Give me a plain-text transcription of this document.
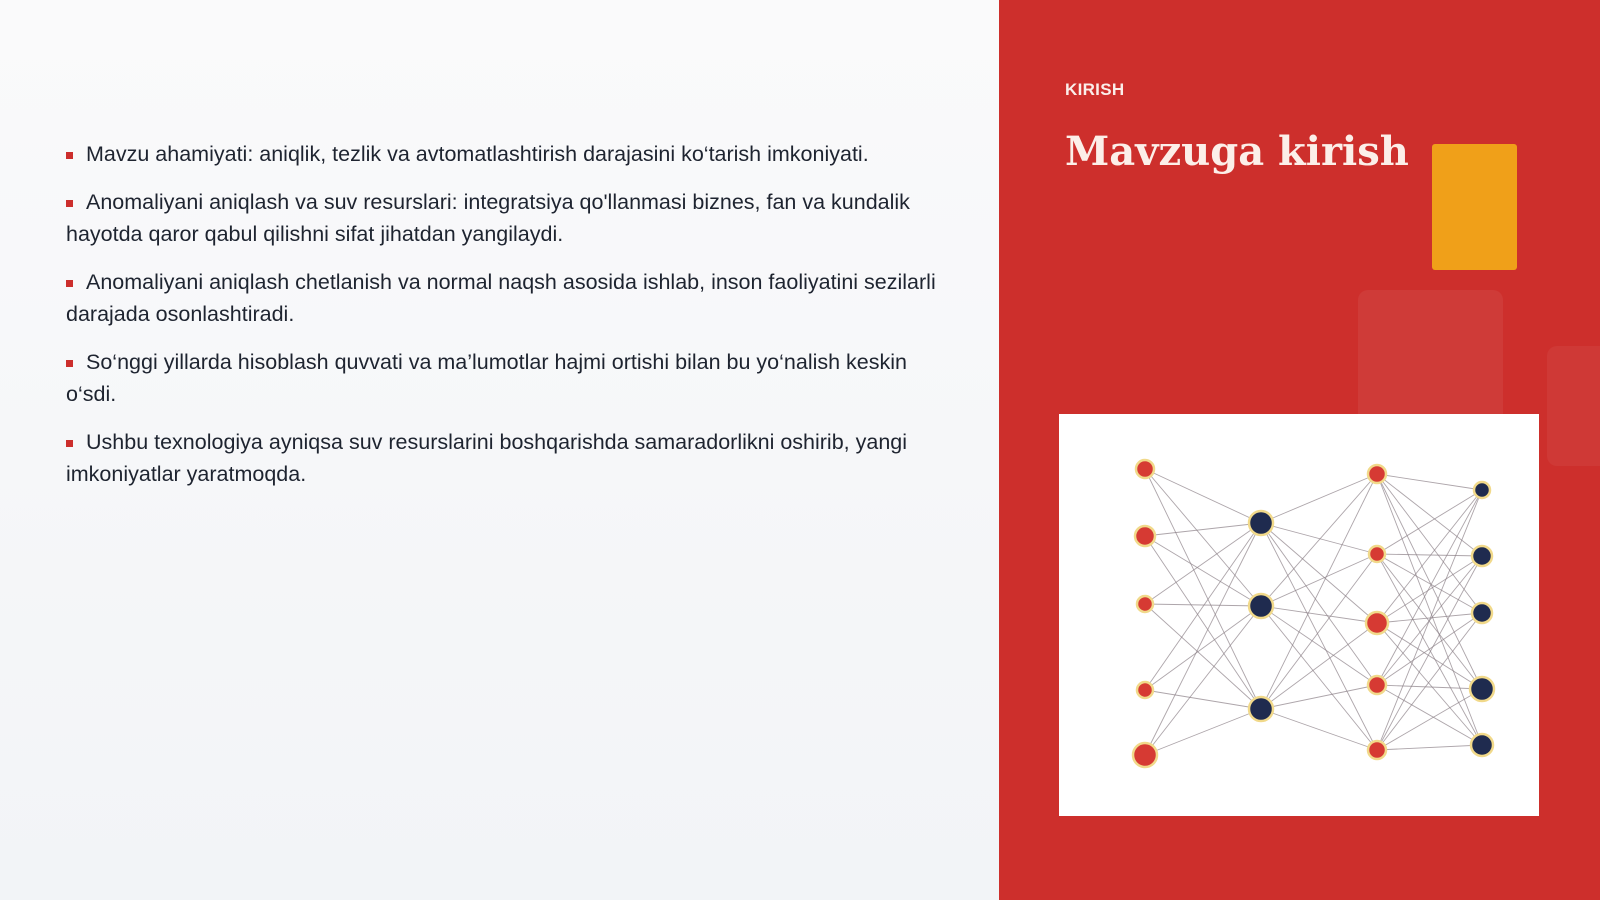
Mavzu ahamiyati: aniqlik, tezlik va avtomatlashtirish darajasini ko‘tarish imkoniyati.
Anomaliyani aniqlash va suv resurslari: integratsiya qo'llanmasi biznes, fan va kundalik hayotda qaror qabul qilishni sifat jihatdan yangilaydi.
Anomaliyani aniqlash chetlanish va normal naqsh asosida ishlab, inson faoliyatini sezilarli darajada osonlashtiradi.
So‘nggi yillarda hisoblash quvvati va ma’lumotlar hajmi ortishi bilan bu yo‘nalish keskin o‘sdi.
Ushbu texnologiya ayniqsa suv resurslarini boshqarishda samaradorlikni oshirib, yangi imkoniyatlar yaratmoqda.
KIRISH
Mavzuga kirish
